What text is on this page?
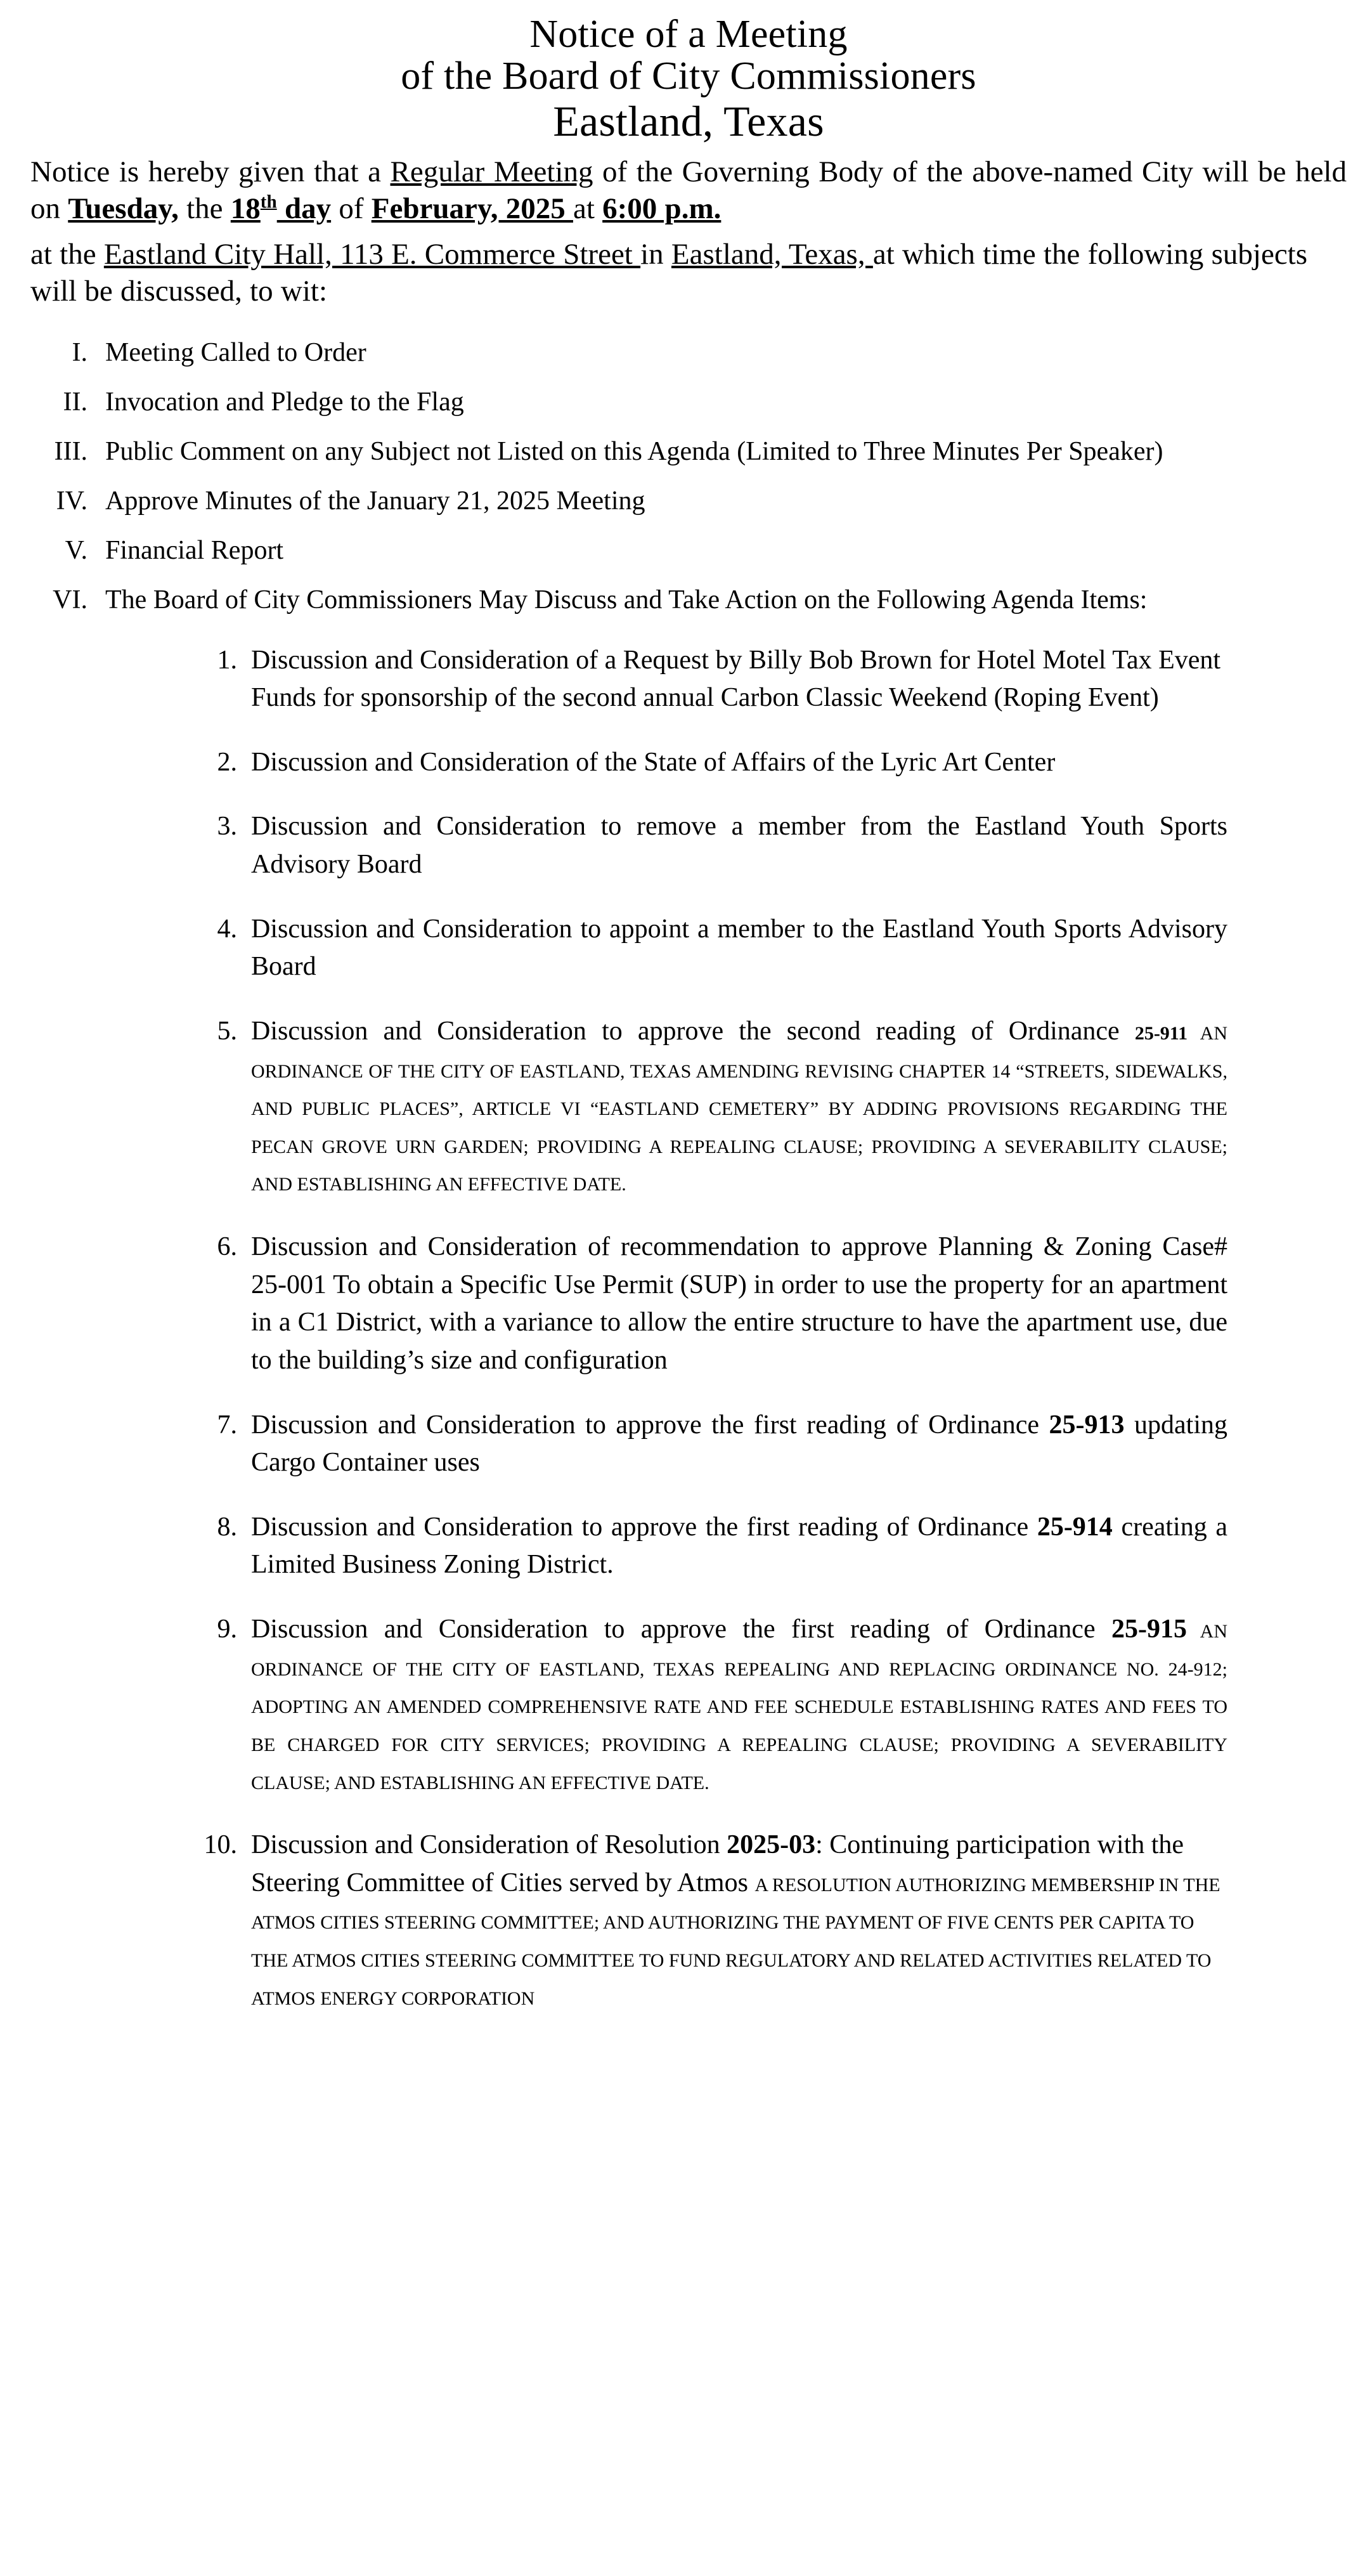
Notice of a Meeting
of the Board of City Commissioners
Eastland, Texas
Notice is hereby given that a Regular Meeting of the Governing Body of the above-named City will be held on Tuesday, the 18th day of February, 2025 at 6:00 p.m.
at the Eastland City Hall, 113 E. Commerce Street in Eastland, Texas, at which time the following subjects will be discussed, to wit:
I. Meeting Called to Order
II. Invocation and Pledge to the Flag
III. Public Comment on any Subject not Listed on this Agenda (Limited to Three Minutes Per Speaker)
IV. Approve Minutes of the January 21, 2025 Meeting
V. Financial Report
VI. The Board of City Commissioners May Discuss and Take Action on the Following Agenda Items:
1. Discussion and Consideration of a Request by Billy Bob Brown for Hotel Motel Tax Event Funds for sponsorship of the second annual Carbon Classic Weekend (Roping Event)
2. Discussion and Consideration of the State of Affairs of the Lyric Art Center
3. Discussion and Consideration to remove a member from the Eastland Youth Sports Advisory Board
4. Discussion and Consideration to appoint a member to the Eastland Youth Sports Advisory Board
5. Discussion and Consideration to approve the second reading of Ordinance 25-911 AN ORDINANCE OF THE CITY OF EASTLAND, TEXAS AMENDING REVISING CHAPTER 14 “STREETS, SIDEWALKS, AND PUBLIC PLACES”, ARTICLE VI “EASTLAND CEMETERY” BY ADDING PROVISIONS REGARDING THE PECAN GROVE URN GARDEN; PROVIDING A REPEALING CLAUSE; PROVIDING A SEVERABILITY CLAUSE; AND ESTABLISHING AN EFFECTIVE DATE.
6. Discussion and Consideration of recommendation to approve Planning & Zoning Case# 25-001 To obtain a Specific Use Permit (SUP) in order to use the property for an apartment in a C1 District, with a variance to allow the entire structure to have the apartment use, due to the building’s size and configuration
7. Discussion and Consideration to approve the first reading of Ordinance 25-913 updating Cargo Container uses
8. Discussion and Consideration to approve the first reading of Ordinance 25-914 creating a Limited Business Zoning District.
9. Discussion and Consideration to approve the first reading of Ordinance 25-915 AN ORDINANCE OF THE CITY OF EASTLAND, TEXAS REPEALING AND REPLACING ORDINANCE NO. 24-912; ADOPTING AN AMENDED COMPREHENSIVE RATE AND FEE SCHEDULE ESTABLISHING RATES AND FEES TO BE CHARGED FOR CITY SERVICES; PROVIDING A REPEALING CLAUSE; PROVIDING A SEVERABILITY CLAUSE; AND ESTABLISHING AN EFFECTIVE DATE.
10. Discussion and Consideration of Resolution 2025-03: Continuing participation with the Steering Committee of Cities served by Atmos A RESOLUTION AUTHORIZING MEMBERSHIP IN THE ATMOS CITIES STEERING COMMITTEE; AND AUTHORIZING THE PAYMENT OF FIVE CENTS PER CAPITA TO THE ATMOS CITIES STEERING COMMITTEE TO FUND REGULATORY AND RELATED ACTIVITIES RELATED TO ATMOS ENERGY CORPORATION
